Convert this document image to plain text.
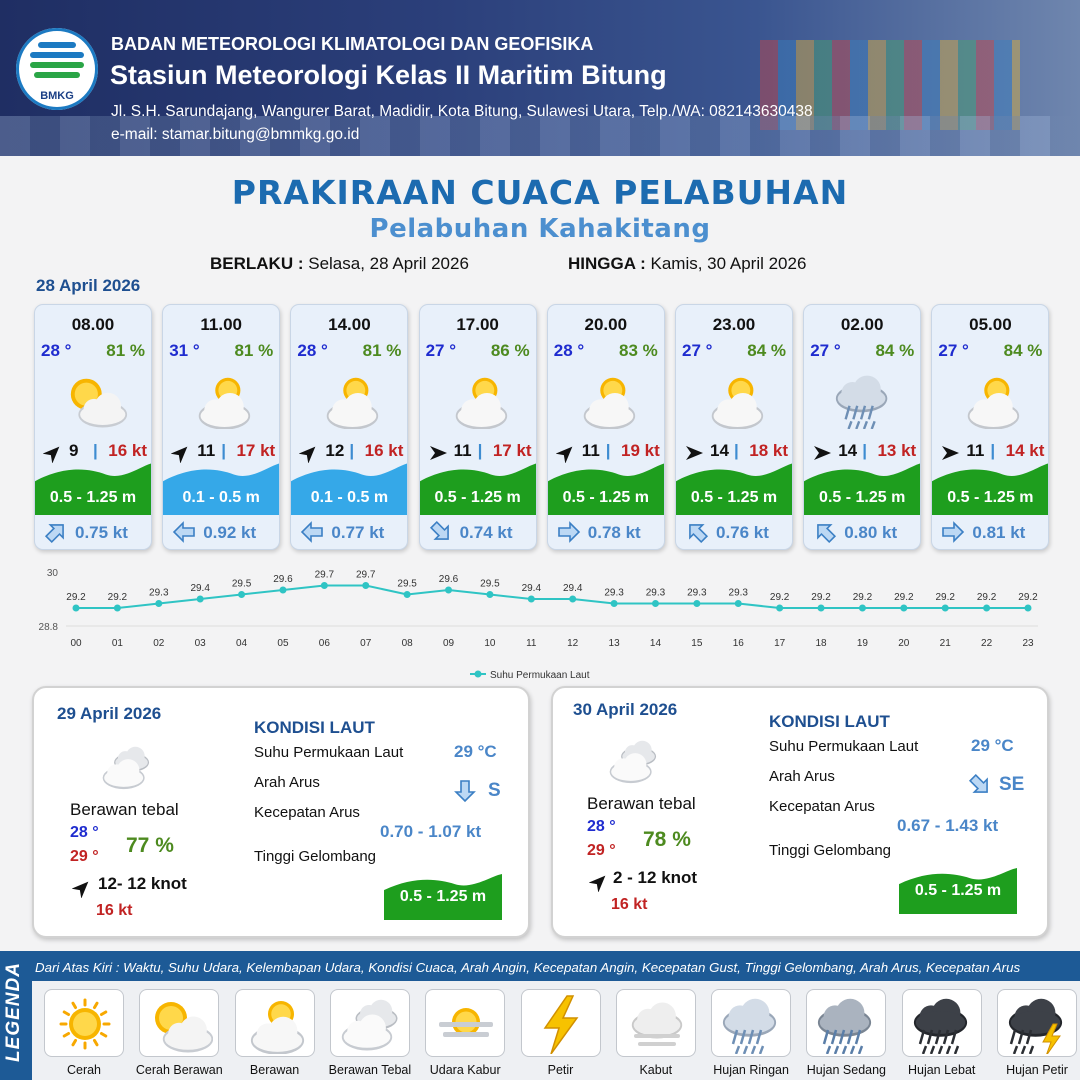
BMKG
BADAN METEOROLOGI KLIMATOLOGI DAN GEOFISIKA
Stasiun Meteorologi Kelas II Maritim Bitung
Jl. S.H. Sarundajang, Wangurer Barat, Madidir, Kota Bitung, Sulawesi Utara, Telp./WA: 082143630438
e-mail: stamar.bitung@bmmkg.go.id
PRAKIRAAN CUACA PELABUHAN
Pelabuhan Kahakitang
BERLAKU : Selasa, 28 April 2026	HINGGA : Kamis, 30 April 2026
28 April 2026
08.00
28 ° 81 %
9 | 16 kt
0.5 - 1.25 m
0.75 kt
11.00
31 ° 81 %
11 | 17 kt
0.1 - 0.5 m
0.92 kt
14.00
28 ° 81 %
12 | 16 kt
0.1 - 0.5 m
0.77 kt
17.00
27 ° 86 %
11 | 17 kt
0.5 - 1.25 m
0.74 kt
20.00
28 ° 83 %
11 | 19 kt
0.5 - 1.25 m
0.78 kt
23.00
27 ° 84 %
14 | 18 kt
0.5 - 1.25 m
0.76 kt
02.00
27 ° 84 %
14 | 13 kt
0.5 - 1.25 m
0.80 kt
05.00
27 ° 84 %
11 | 14 kt
0.5 - 1.25 m
0.81 kt
28.8
30
29.2
00
29.2
01
29.3
02
29.4
03
29.5
04
29.6
05
29.7
06
29.7
07
29.5
08
29.6
09
29.5
10
29.4
11
29.4
12
29.3
13
29.3
14
29.3
15
29.3
16
29.2
17
29.2
18
29.2
19
29.2
20
29.2
21
29.2
22
29.2
23
Suhu Permukaan Laut
29 April 2026
Berawan tebal
28 °
29 ° 77 %
12- 12 knot
16 kt
KONDISI LAUT
Suhu Permukaan Laut	29 °C
Arah Arus	S
Kecepatan Arus
0.70 - 1.07 kt
Tinggi Gelombang
0.5 - 1.25 m
30 April 2026
Berawan tebal
28 °
29 ° 78 %
2 - 12 knot
16 kt
KONDISI LAUT
Suhu Permukaan Laut	29 °C
Arah Arus	SE
Kecepatan Arus
0.67 - 1.43 kt
Tinggi Gelombang
0.5 - 1.25 m
LEGENDA Dari Atas Kiri : Waktu, Suhu Udara, Kelembapan Udara, Kondisi Cuaca, Arah Angin, Kecepatan Angin, Kecepatan Gust, Tinggi Gelombang, Arah Arus, Kecepatan Arus
Cerah	Cerah Berawan	Berawan	Berawan Tebal	Udara Kabur	Petir	Kabut	Hujan Ringan	Hujan Sedang	Hujan Lebat	Hujan Petir
